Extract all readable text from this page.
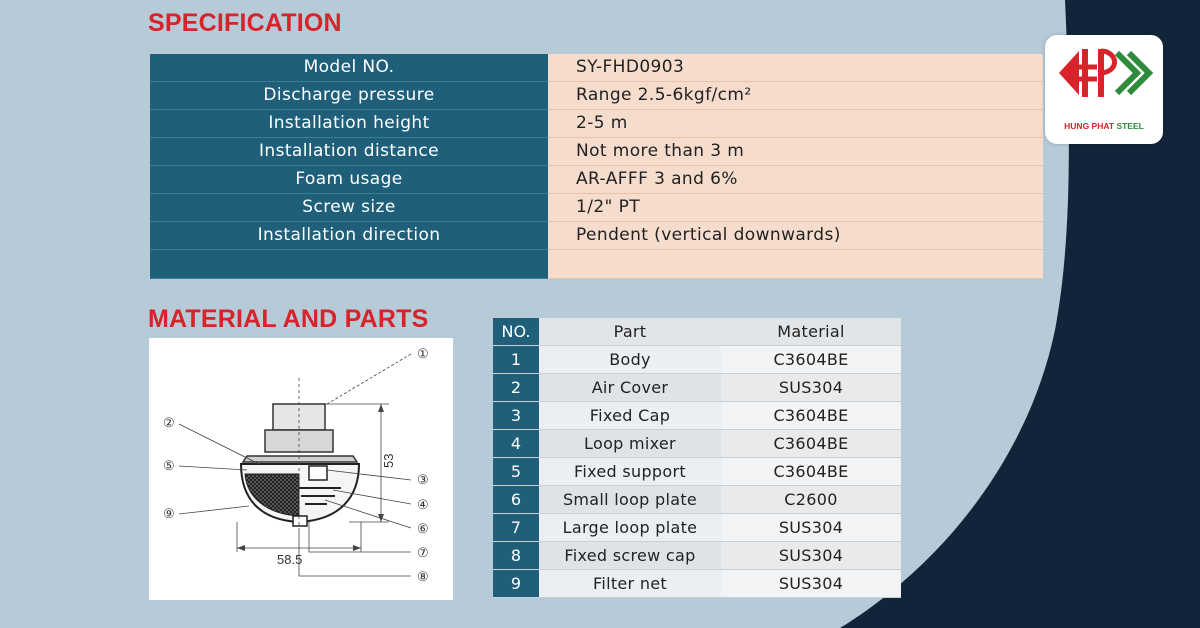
SPECIFICATION
Model NO.	SY-FHD0903
Discharge pressure	Range 2.5-6kgf/cm²
Installation height	2-5 m
Installation distance	Not more than 3 m
Foam usage	AR-AFFF 3 and 6%
Screw size	1/2" PT
Installation direction	Pendent (vertical downwards)
MATERIAL AND PARTS
53
58.5
①
②
③
④
⑤
⑥
⑦
⑧
⑨
NO.	Part	Material
1	Body	C3604BE
2	Air Cover	SUS304
3	Fixed Cap	C3604BE
4	Loop mixer	C3604BE
5	Fixed support	C3604BE
6	Small loop plate	C2600
7	Large loop plate	SUS304
8	Fixed screw cap	SUS304
9	Filter net	SUS304
HUNG PHAT STEEL
